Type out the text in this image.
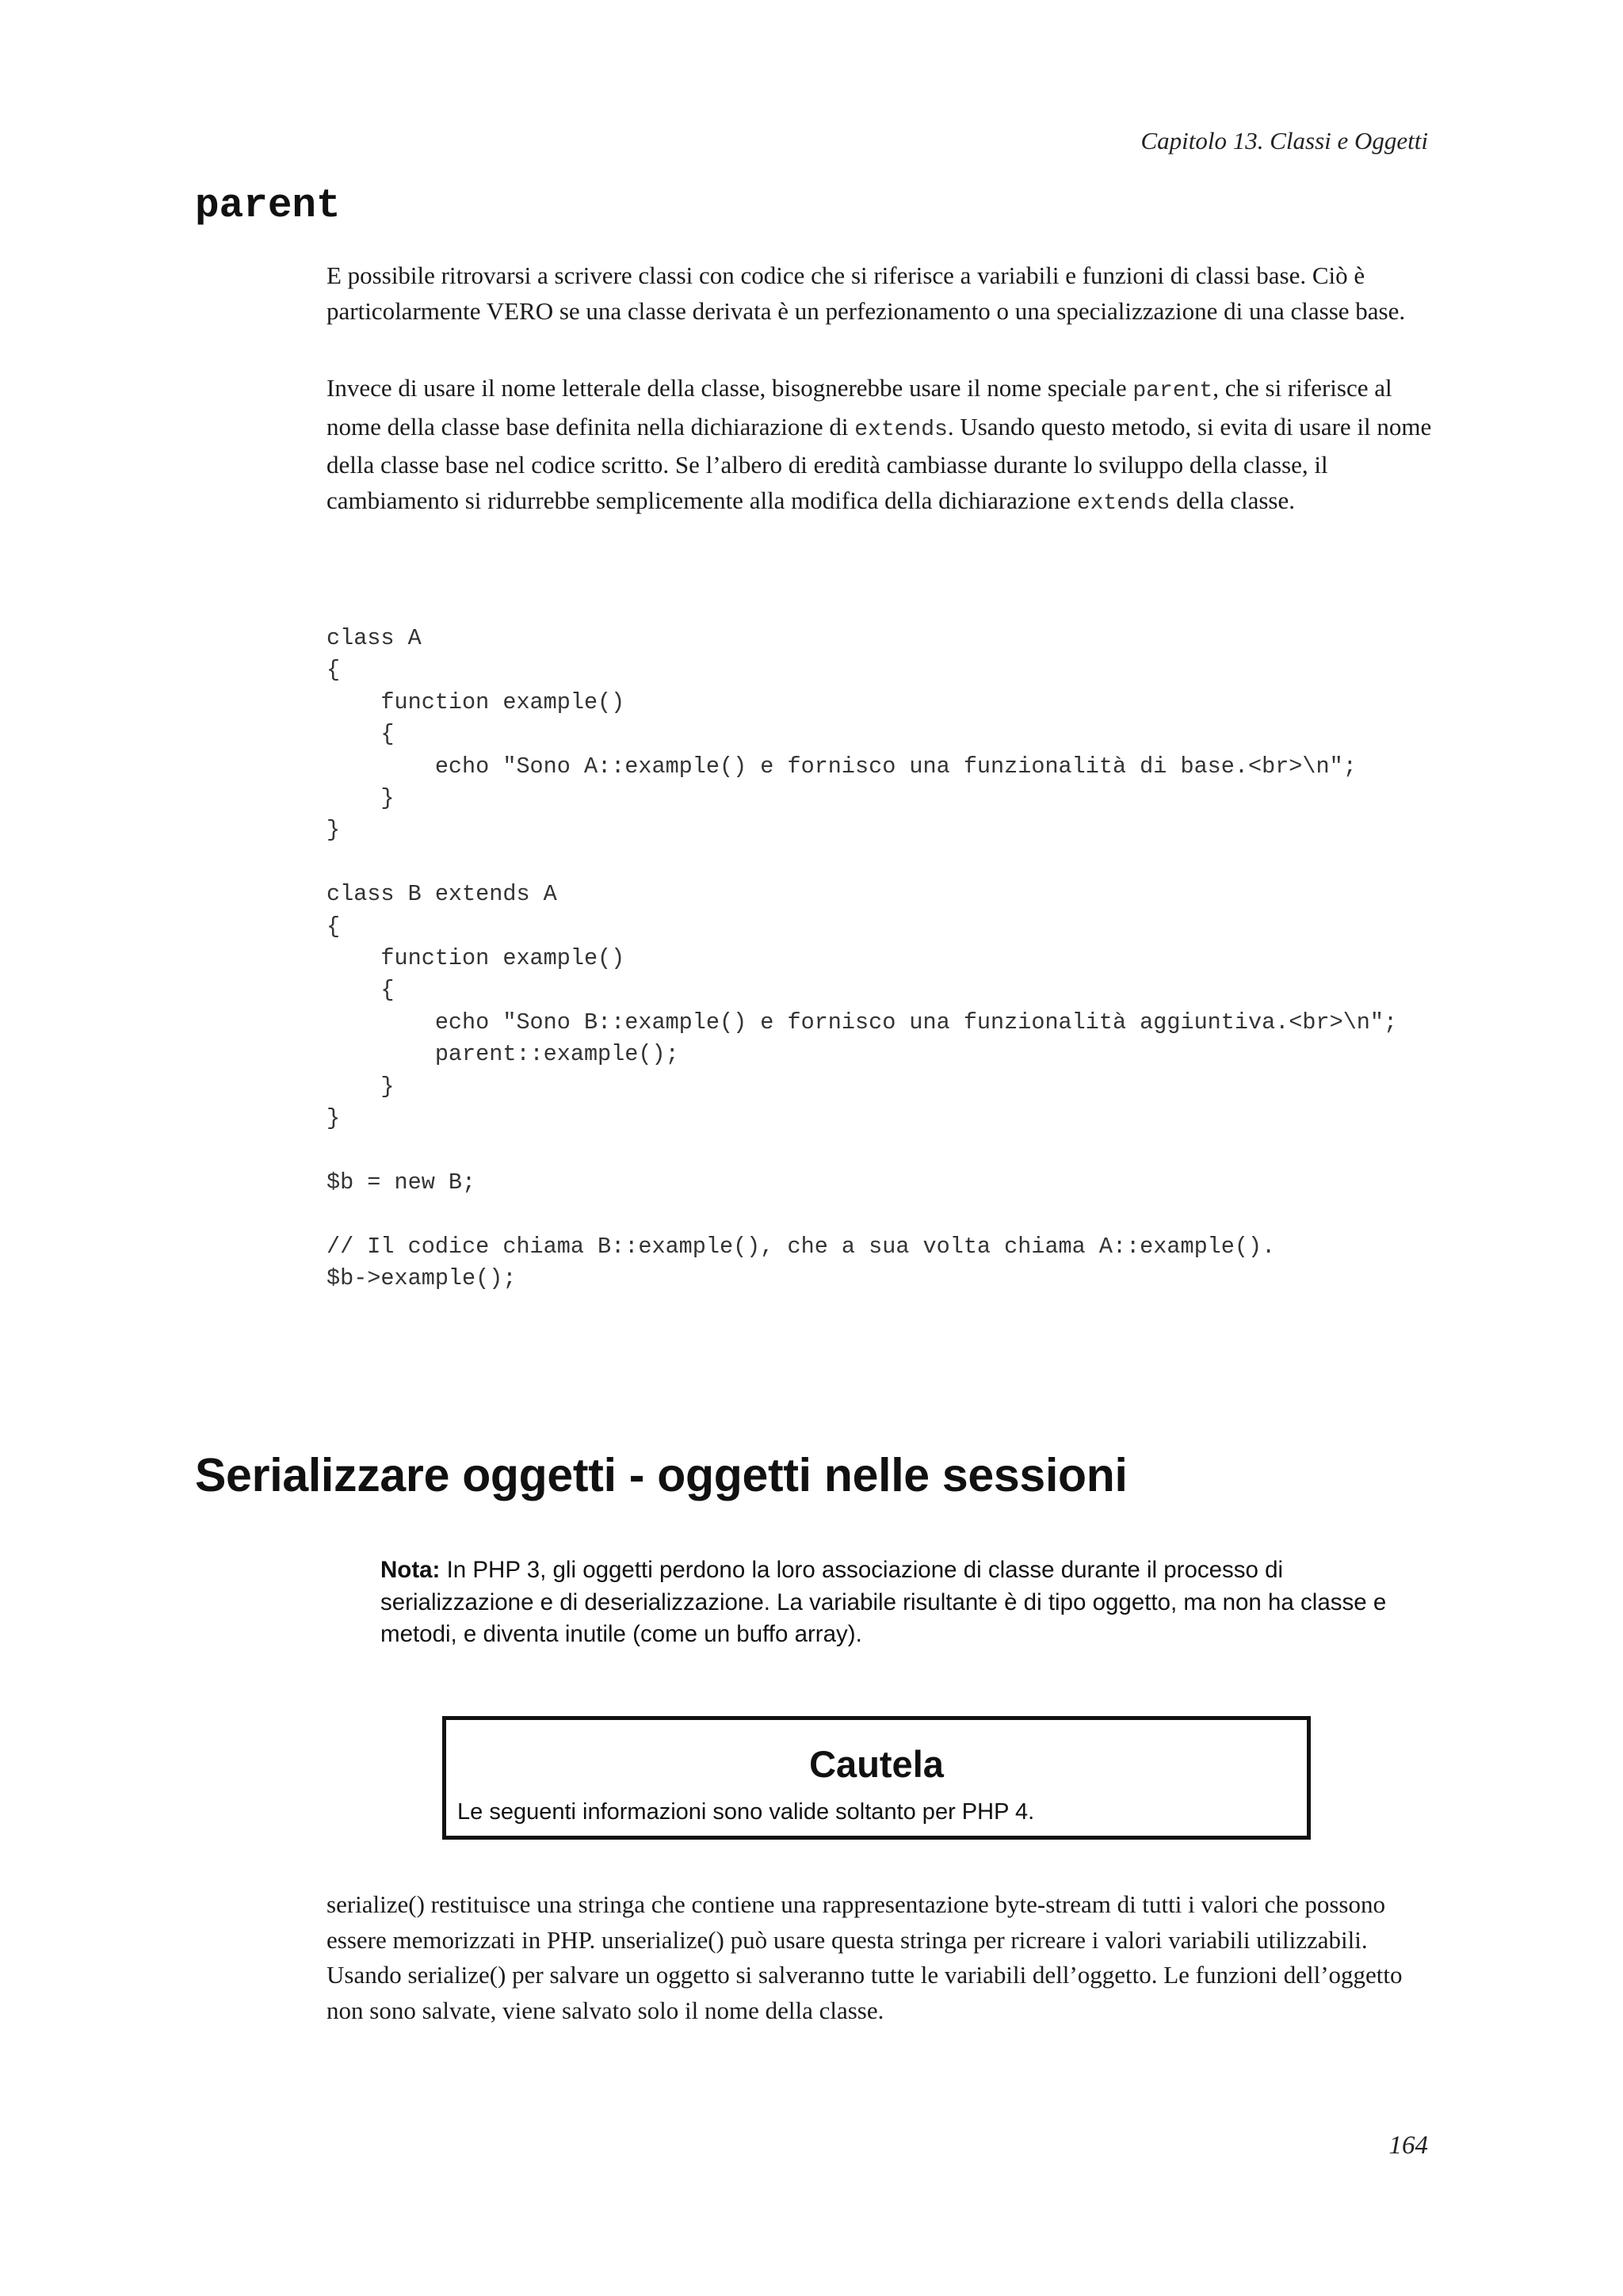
Capitolo 13. Classi e Oggetti
parent

E possibile ritrovarsi a scrivere classi con codice che si riferisce a variabili e funzioni di classi base. Ciò è particolarmente VERO se una classe derivata è un perfezionamento o una specializzazione di una classe base.

Invece di usare il nome letterale della classe, bisognerebbe usare il nome speciale parent, che si riferisce al nome della classe base definita nella dichiarazione di extends. Usando questo metodo, si evita di usare il nome della classe base nel codice scritto. Se l’albero di eredità cambiasse durante lo sviluppo della classe, il cambiamento si ridurrebbe semplicemente alla modifica della dichiarazione extends della classe.

class A
{
function example()
{
echo "Sono A::example() e fornisco una funzionalità di base.<br>\n";
}
}

class B extends A
{
function example()
{
echo "Sono B::example() e fornisco una funzionalità aggiuntiva.<br>\n";
parent::example();
}
}

$b = new B;

// Il codice chiama B::example(), che a sua volta chiama A::example().
$b->example();

Serializzare oggetti - oggetti nelle sessioni
Nota: In PHP 3, gli oggetti perdono la loro associazione di classe durante il processo di serializzazione e di deserializzazione. La variabile risultante è di tipo oggetto, ma non ha classe e metodi, e diventa inutile (come un buffo array).
Cautela
Le seguenti informazioni sono valide soltanto per PHP 4.

serialize() restituisce una stringa che contiene una rappresentazione byte-stream di tutti i valori che possono essere memorizzati in PHP. unserialize() può usare questa stringa per ricreare i valori variabili utilizzabili. Usando serialize() per salvare un oggetto si salveranno tutte le variabili dell’oggetto. Le funzioni dell’oggetto non sono salvate, viene salvato solo il nome della classe.

164
